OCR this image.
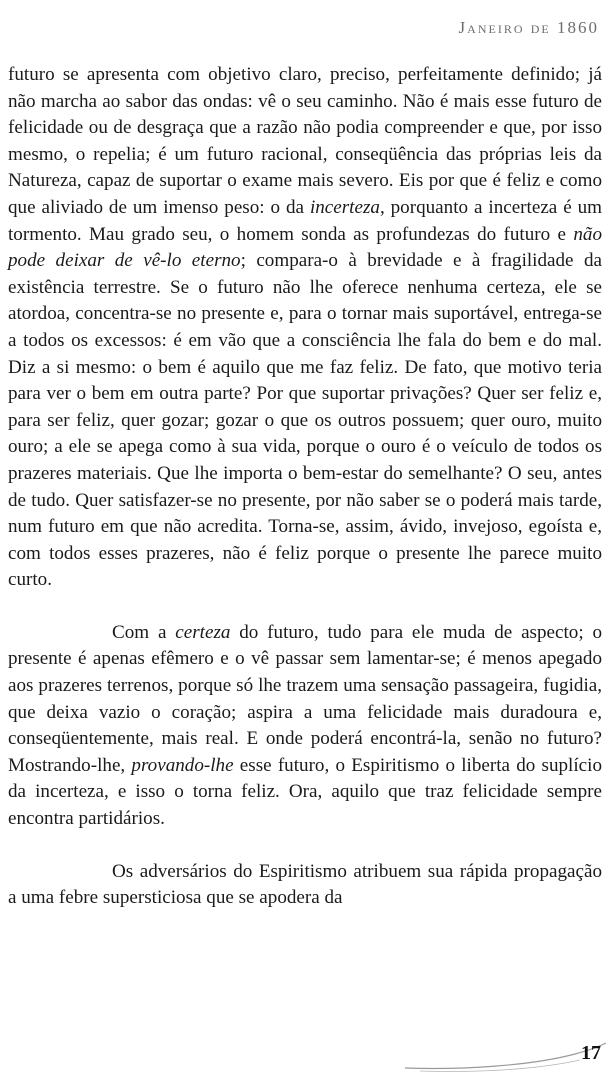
Janeiro de 1860

futuro se apresenta com objetivo claro, preciso, perfeitamente definido; já não marcha ao sabor das ondas: vê o seu caminho. Não é mais esse futuro de felicidade ou de desgraça que a razão não podia compreender e que, por isso mesmo, o repelia; é um futuro racional, conseqüência das próprias leis da Natureza, capaz de suportar o exame mais severo. Eis por que é feliz e como que aliviado de um imenso peso: o da incerteza, porquanto a incerteza é um tormento. Mau grado seu, o homem sonda as profundezas do futuro e não pode deixar de vê-lo eterno; compara-o à brevidade e à fragilidade da existência terrestre. Se o futuro não lhe oferece nenhuma certeza, ele se atordoa, concentra-se no presente e, para o tornar mais suportável, entrega-se a todos os excessos: é em vão que a consciência lhe fala do bem e do mal. Diz a si mesmo: o bem é aquilo que me faz feliz. De fato, que motivo teria para ver o bem em outra parte? Por que suportar privações? Quer ser feliz e, para ser feliz, quer gozar; gozar o que os outros possuem; quer ouro, muito ouro; a ele se apega como à sua vida, porque o ouro é o veículo de todos os prazeres materiais. Que lhe importa o bem-estar do semelhante? O seu, antes de tudo. Quer satisfazer-se no presente, por não saber se o poderá mais tarde, num futuro em que não acredita. Torna-se, assim, ávido, invejoso, egoísta e, com todos esses prazeres, não é feliz porque o presente lhe parece muito curto.

Com a certeza do futuro, tudo para ele muda de aspecto; o presente é apenas efêmero e o vê passar sem lamentar-se; é menos apegado aos prazeres terrenos, porque só lhe trazem uma sensação passageira, fugidia, que deixa vazio o coração; aspira a uma felicidade mais duradoura e, conseqüentemente, mais real. E onde poderá encontrá-la, senão no futuro? Mostrando-lhe, provando-lhe esse futuro, o Espiritismo o liberta do suplício da incerteza, e isso o torna feliz. Ora, aquilo que traz felicidade sempre encontra partidários.

Os adversários do Espiritismo atribuem sua rápida propagação a uma febre supersticiosa que se apodera da

17
